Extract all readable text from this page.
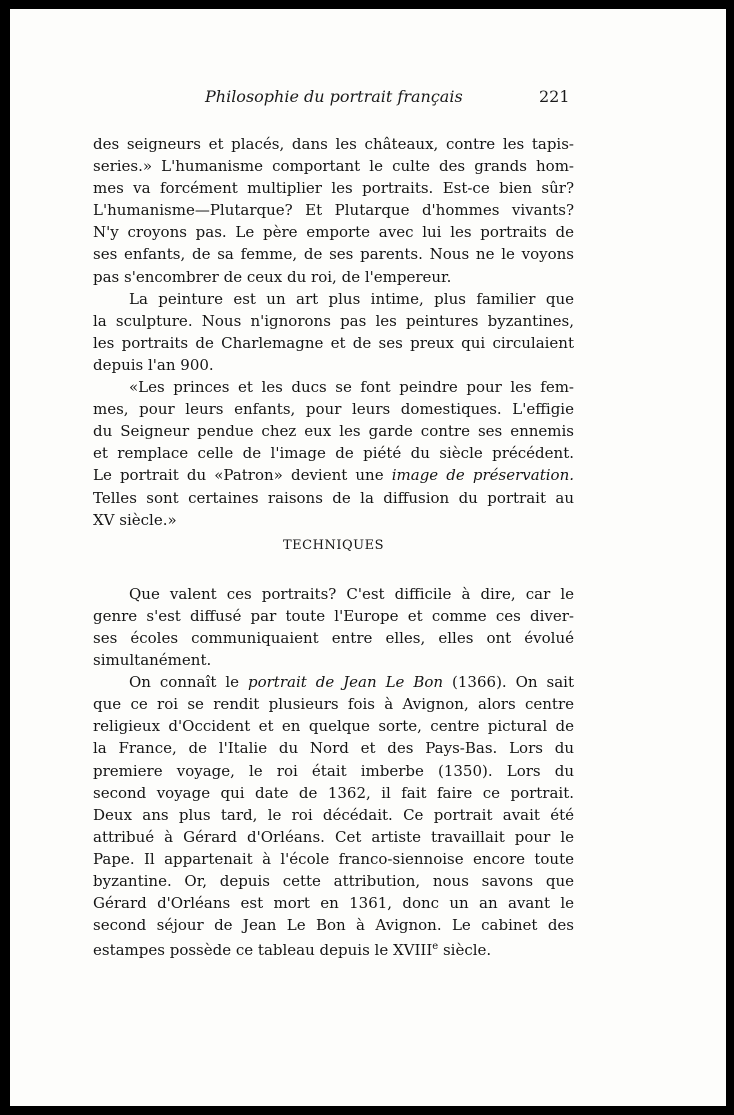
Philosophie du portrait français	221
des seigneurs et placés, dans les châteaux, contre les tapis-
series.» L'humanisme comportant le culte des grands hom-
mes va forcément multiplier les portraits. Est-ce bien sûr?
L'humanisme—Plutarque? Et Plutarque d'hommes vivants?
N'y croyons pas. Le père emporte avec lui les portraits de
ses enfants, de sa femme, de ses parents. Nous ne le voyons
pas s'encombrer de ceux du roi, de l'empereur.
La peinture est un art plus intime, plus familier que
la sculpture. Nous n'ignorons pas les peintures byzantines,
les portraits de Charlemagne et de ses preux qui circulaient
depuis l'an 900.
«Les princes et les ducs se font peindre pour les fem-
mes, pour leurs enfants, pour leurs domestiques. L'effigie
du Seigneur pendue chez eux les garde contre ses ennemis
et remplace celle de l'image de piété du siècle précédent.
Le portrait du «Patron» devient une image de préservation.
Telles sont certaines raisons de la diffusion du portrait au
XV siècle.»
TECHNIQUES
Que valent ces portraits? C'est difficile à dire, car le
genre s'est diffusé par toute l'Europe et comme ces diver-
ses écoles communiquaient entre elles, elles ont évolué
simultanément.
On connaît le portrait de Jean Le Bon (1366). On sait
que ce roi se rendit plusieurs fois à Avignon, alors centre
religieux d'Occident et en quelque sorte, centre pictural de
la France, de l'Italie du Nord et des Pays-Bas. Lors du
premiere voyage, le roi était imberbe (1350). Lors du
second voyage qui date de 1362, il fait faire ce portrait.
Deux ans plus tard, le roi décédait. Ce portrait avait été
attribué à Gérard d'Orléans. Cet artiste travaillait pour le
Pape. Il appartenait à l'école franco-siennoise encore toute
byzantine. Or, depuis cette attribution, nous savons que
Gérard d'Orléans est mort en 1361, donc un an avant le
second séjour de Jean Le Bon à Avignon. Le cabinet des
estampes possède ce tableau depuis le XVIIIe siècle.
